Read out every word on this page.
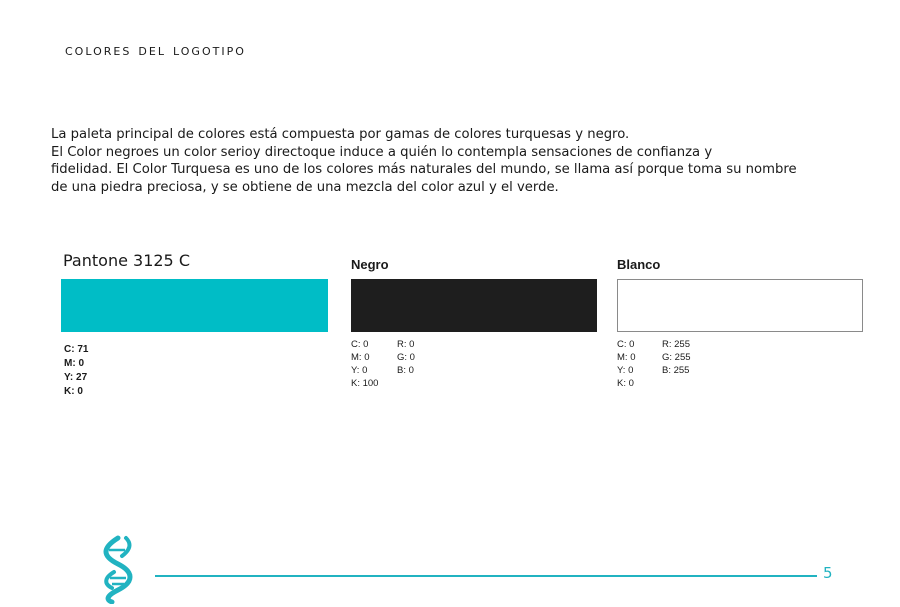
colores del logotipo

La paleta principal de colores está compuesta por gamas de colores turquesas y negro.

El Color negroes un color serioy directoque induce a quién lo contempla sensaciones de confianza y

fidelidad. El Color Turquesa es uno de los colores más naturales del mundo, se llama así porque toma su nombre

de una piedra preciosa, y se obtiene de una mezcla del color azul y el verde.

Pantone 3125 C
C: 71
M: 0
Y: 27
K: 0
Negro
C: 0
M: 0
Y: 0
K: 100
R: 0
G: 0
B: 0
Blanco
C: 0
M: 0
Y: 0
K: 0
R: 255
G: 255
B: 255
5
